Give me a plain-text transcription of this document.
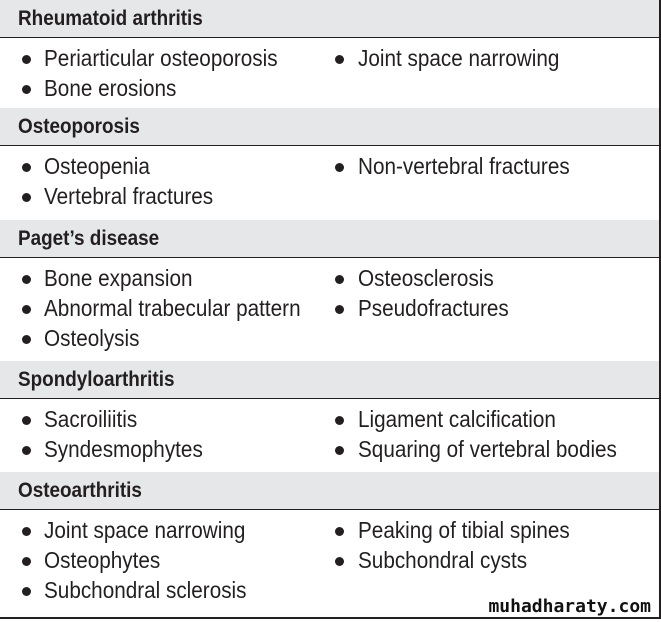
Rheumatoid arthritis
Periarticular osteoporosis
Bone erosions
Joint space narrowing
Osteoporosis
Osteopenia
Vertebral fractures
Non-vertebral fractures
Paget’s disease
Bone expansion
Abnormal trabecular pattern
Osteolysis
Osteosclerosis
Pseudofractures
Spondyloarthritis
Sacroiliitis
Syndesmophytes
Ligament calcification
Squaring of vertebral bodies
Osteoarthritis
Joint space narrowing
Osteophytes
Subchondral sclerosis
Peaking of tibial spines
Subchondral cysts
muhadharaty.com
